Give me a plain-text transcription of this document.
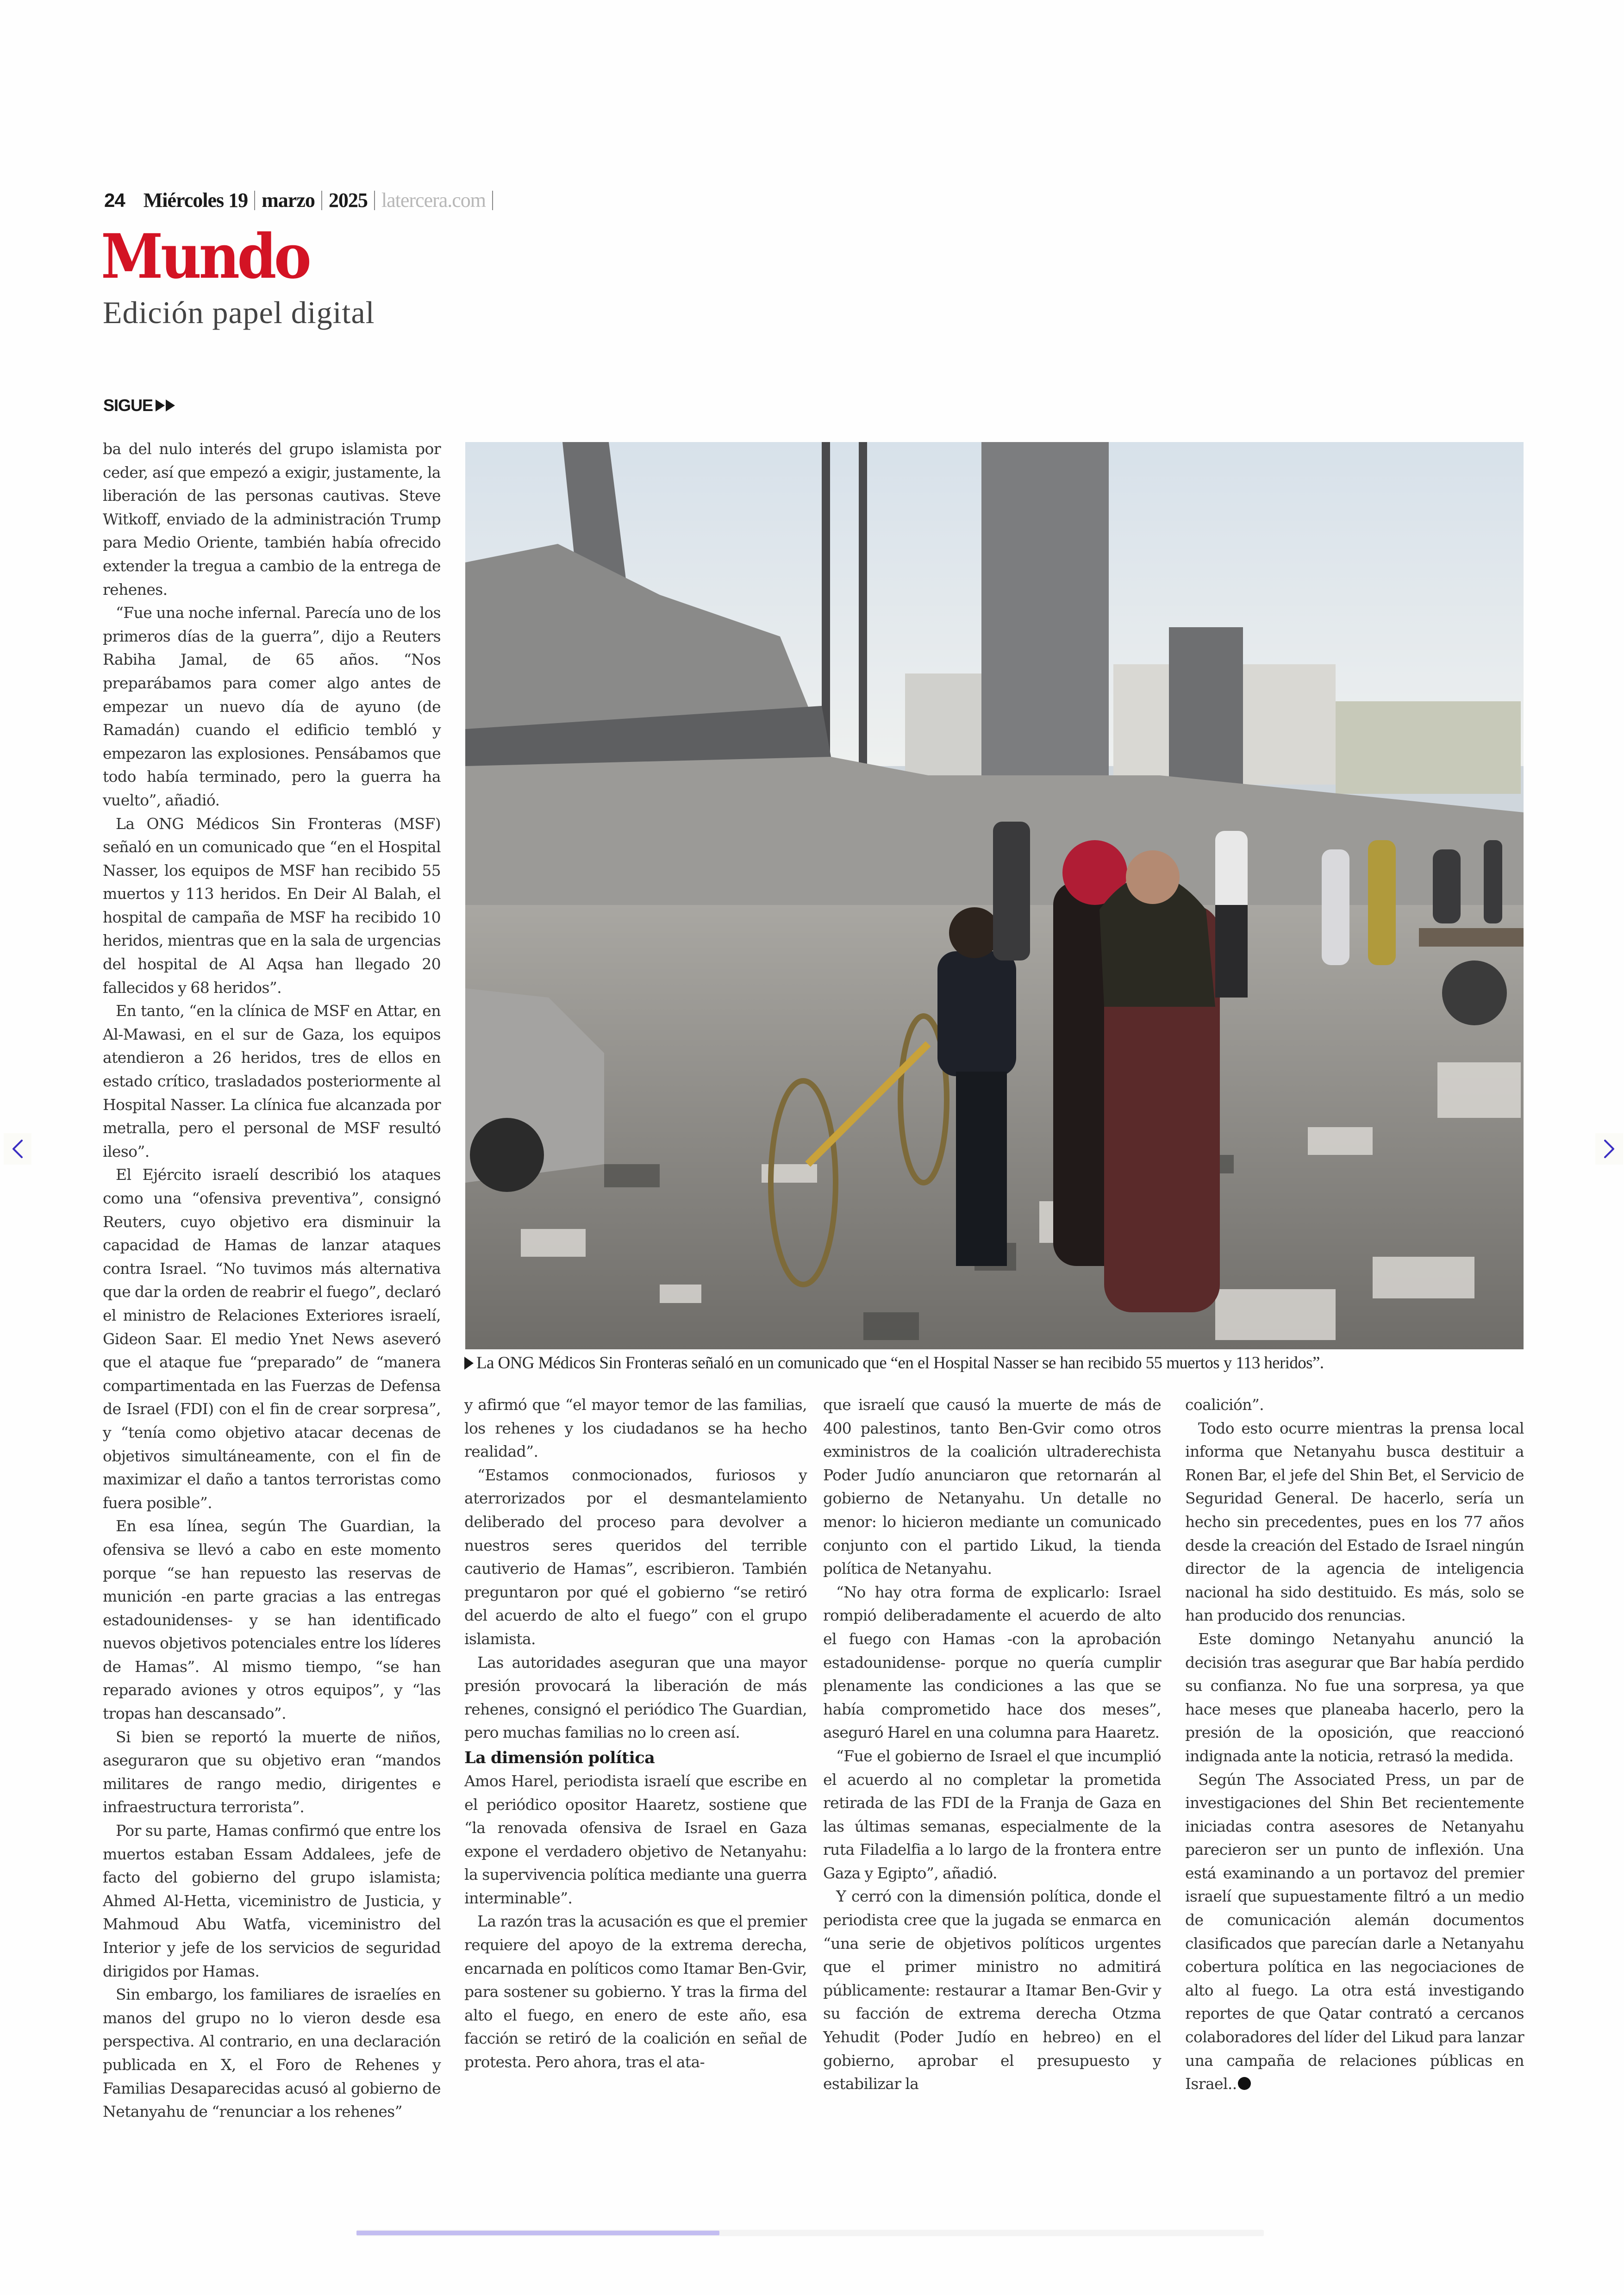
24 Miércoles 19 marzo 2025 latercera.com
Mundo
Edición papel digital
SIGUE

ba del nulo interés del grupo islamista por ceder, así que empezó a exigir, justamente, la liberación de las personas cautivas. Steve Witkoff, enviado de la administración Trump para Medio Oriente, también había ofrecido extender la tregua a cambio de la entrega de rehenes.

“Fue una noche infernal. Parecía uno de los primeros días de la guerra”, dijo a Reuters Rabiha Jamal, de 65 años. “Nos preparábamos para comer algo antes de empezar un nuevo día de ayuno (de Ramadán) cuando el edificio tembló y empezaron las explosiones. Pensábamos que todo había terminado, pero la guerra ha vuelto”, añadió.

La ONG Médicos Sin Fronteras (MSF) señaló en un comunicado que “en el Hospital Nasser, los equipos de MSF han recibido 55 muertos y 113 heridos. En Deir Al Balah, el hospital de campaña de MSF ha recibido 10 heridos, mientras que en la sala de urgencias del hospital de Al Aqsa han llegado 20 fallecidos y 68 heridos”.

En tanto, “en la clínica de MSF en Attar, en Al-Mawasi, en el sur de Gaza, los equipos atendieron a 26 heridos, tres de ellos en estado crítico, trasladados posteriormente al Hospital Nasser. La clínica fue alcanzada por metralla, pero el personal de MSF resultó ileso”.

El Ejército israelí describió los ataques como una “ofensiva preventiva”, consignó Reuters, cuyo objetivo era disminuir la capacidad de Hamas de lanzar ataques contra Israel. “No tuvimos más alternativa que dar la orden de reabrir el fuego”, declaró el ministro de Relaciones Exteriores israelí, Gideon Saar. El medio Ynet News aseveró que el ataque fue “preparado” de “manera compartimentada en las Fuerzas de Defensa de Israel (FDI) con el fin de crear sorpresa”, y “tenía como objetivo atacar decenas de objetivos simultáneamente, con el fin de maximizar el daño a tantos terroristas como fuera posible”.

En esa línea, según The Guardian, la ofensiva se llevó a cabo en este momento porque “se han repuesto las reservas de munición -en parte gracias a las entregas estadounidenses- y se han identificado nuevos objetivos potenciales entre los líderes de Hamas”. Al mismo tiempo, “se han reparado aviones y otros equipos”, y “las tropas han descansado”.

Si bien se reportó la muerte de niños, aseguraron que su objetivo eran “mandos militares de rango medio, dirigentes e infraestructura terrorista”.

Por su parte, Hamas confirmó que entre los muertos estaban Essam Addalees, jefe de facto del gobierno del grupo islamista; Ahmed Al-Hetta, viceministro de Justicia, y Mahmoud Abu Watfa, viceministro del Interior y jefe de los servicios de seguridad dirigidos por Hamas.

Sin embargo, los familiares de israelíes en manos del grupo no lo vieron desde esa perspectiva. Al contrario, en una declaración publicada en X, el Foro de Rehenes y Familias Desaparecidas acusó al gobierno de Netanyahu de “renunciar a los rehenes”

La ONG Médicos Sin Fronteras señaló en un comunicado que “en el Hospital Nasser se han recibido 55 muertos y 113 heridos”.

y afirmó que “el mayor temor de las familias, los rehenes y los ciudadanos se ha hecho realidad”.

“Estamos conmocionados, furiosos y aterrorizados por el desmantelamiento deliberado del proceso para devolver a nuestros seres queridos del terrible cautiverio de Hamas”, escribieron. También preguntaron por qué el gobierno “se retiró del acuerdo de alto el fuego” con el grupo islamista.

Las autoridades aseguran que una mayor presión provocará la liberación de más rehenes, consignó el periódico The Guardian, pero muchas familias no lo creen así.

La dimensión política

Amos Harel, periodista israelí que escribe en el periódico opositor Haaretz, sostiene que “la renovada ofensiva de Israel en Gaza expone el verdadero objetivo de Netanyahu: la supervivencia política mediante una guerra interminable”.

La razón tras la acusación es que el premier requiere del apoyo de la extrema derecha, encarnada en políticos como Itamar Ben-Gvir, para sostener su gobierno. Y tras la firma del alto el fuego, en enero de este año, esa facción se retiró de la coalición en señal de protesta. Pero ahora, tras el ata-

que israelí que causó la muerte de más de 400 palestinos, tanto Ben-Gvir como otros exministros de la coalición ultraderechista Poder Judío anunciaron que retornarán al gobierno de Netanyahu. Un detalle no menor: lo hicieron mediante un comunicado conjunto con el partido Likud, la tienda política de Netanyahu.

“No hay otra forma de explicarlo: Israel rompió deliberadamente el acuerdo de alto el fuego con Hamas -con la aprobación estadounidense- porque no quería cumplir plenamente las condiciones a las que se había comprometido hace dos meses”, aseguró Harel en una columna para Haaretz.

“Fue el gobierno de Israel el que incumplió el acuerdo al no completar la prometida retirada de las FDI de la Franja de Gaza en las últimas semanas, especialmente de la ruta Filadelfia a lo largo de la frontera entre Gaza y Egipto”, añadió.

Y cerró con la dimensión política, donde el periodista cree que la jugada se enmarca en “una serie de objetivos políticos urgentes que el primer ministro no admitirá públicamente: restaurar a Itamar Ben-Gvir y su facción de extrema derecha Otzma Yehudit (Poder Judío en hebreo) en el gobierno, aprobar el presupuesto y estabilizar la

coalición”.

Todo esto ocurre mientras la prensa local informa que Netanyahu busca destituir a Ronen Bar, el jefe del Shin Bet, el Servicio de Seguridad General. De hacerlo, sería un hecho sin precedentes, pues en los 77 años desde la creación del Estado de Israel ningún director de la agencia de inteligencia nacional ha sido destituido. Es más, solo se han producido dos renuncias.

Este domingo Netanyahu anunció la decisión tras asegurar que Bar había perdido su confianza. No fue una sorpresa, ya que hace meses que planeaba hacerlo, pero la presión de la oposición, que reaccionó indignada ante la noticia, retrasó la medida.

Según The Associated Press, un par de investigaciones del Shin Bet recientemente iniciadas contra asesores de Netanyahu parecieron ser un punto de inflexión. Una está examinando a un portavoz del premier israelí que supuestamente filtró a un medio de comunicación alemán documentos clasificados que parecían darle a Netanyahu cobertura política en las negociaciones de alto al fuego. La otra está investigando reportes de que Qatar contrató a cercanos colaboradores del líder del Likud para lanzar una campaña de relaciones públicas en Israel..
